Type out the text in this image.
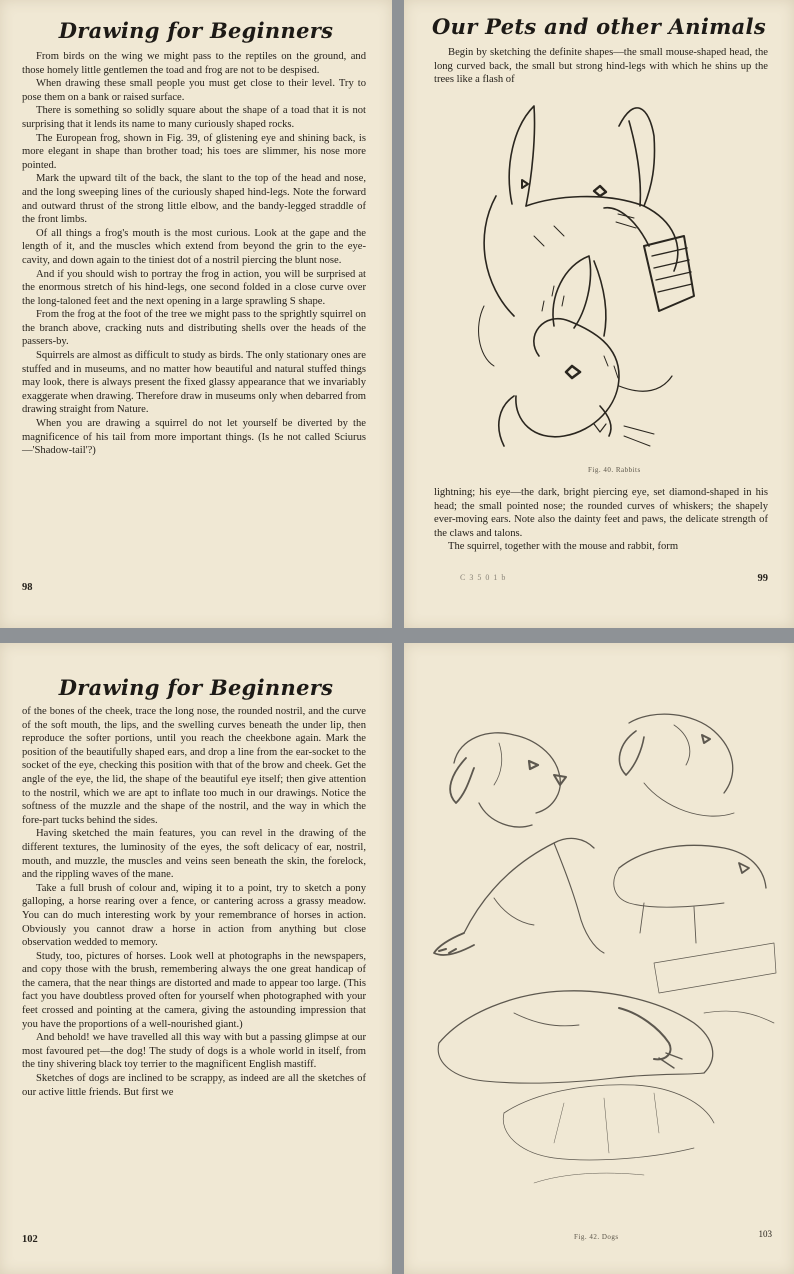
Drawing for Beginners

From birds on the wing we might pass to the reptiles on the ground, and those homely little gentlemen the toad and frog are not to be despised.

When drawing these small people you must get close to their level. Try to pose them on a bank or raised surface.

There is something so solidly square about the shape of a toad that it is not surprising that it lends its name to many curiously shaped rocks.

The European frog, shown in Fig. 39, of glistening eye and shining back, is more elegant in shape than brother toad; his toes are slimmer, his nose more pointed.

Mark the upward tilt of the back, the slant to the top of the head and nose, and the long sweeping lines of the curiously shaped hind-legs. Note the forward and outward thrust of the strong little elbow, and the bandy-legged straddle of the front limbs.

Of all things a frog's mouth is the most curious. Look at the gape and the length of it, and the muscles which extend from beyond the grin to the eye-cavity, and down again to the tiniest dot of a nostril piercing the blunt nose.

And if you should wish to portray the frog in action, you will be surprised at the enormous stretch of his hind-legs, one second folded in a close curve over the long-taloned feet and the next opening in a large sprawling S shape.

From the frog at the foot of the tree we might pass to the sprightly squirrel on the branch above, cracking nuts and distributing shells over the heads of the passers-by.

Squirrels are almost as difficult to study as birds. The only stationary ones are stuffed and in museums, and no matter how beautiful and natural stuffed things may look, there is always present the fixed glassy appearance that we invariably exaggerate when drawing. Therefore draw in museums only when debarred from drawing straight from Nature.

When you are drawing a squirrel do not let yourself be diverted by the magnificence of his tail from more important things. (Is he not called Sciurus—'Shadow-tail'?)

98
Our Pets and other Animals

Begin by sketching the definite shapes—the small mouse-shaped head, the long curved back, the small but strong hind-legs with which he shins up the trees like a flash of

Fig. 40. Rabbits

lightning; his eye—the dark, bright piercing eye, set diamond-shaped in his head; the small pointed nose; the rounded curves of whiskers; the shapely ever-moving ears. Note also the dainty feet and paws, the delicate strength of the claws and talons.

The squirrel, together with the mouse and rabbit, form

C 3 5 0 1 b	99
Drawing for Beginners

of the bones of the cheek, trace the long nose, the rounded nostril, and the curve of the soft mouth, the lips, and the swelling curves beneath the under lip, then reproduce the softer portions, until you reach the cheekbone again. Mark the position of the beautifully shaped ears, and drop a line from the ear-socket to the socket of the eye, checking this position with that of the brow and cheek. Get the angle of the eye, the lid, the shape of the beautiful eye itself; then give attention to the nostril, which we are apt to inflate too much in our drawings. Notice the softness of the muzzle and the shape of the nostril, and the way in which the fore-part tucks behind the sides.

Having sketched the main features, you can revel in the drawing of the different textures, the luminosity of the eyes, the soft delicacy of ear, nostril, mouth, and muzzle, the muscles and veins seen beneath the skin, the forelock, and the rippling waves of the mane.

Take a full brush of colour and, wiping it to a point, try to sketch a pony galloping, a horse rearing over a fence, or cantering across a grassy meadow. You can do much interesting work by your remembrance of horses in action. Obviously you cannot draw a horse in action from anything but close observation wedded to memory.

Study, too, pictures of horses. Look well at photographs in the newspapers, and copy those with the brush, remembering always the one great handicap of the camera, that the near things are distorted and made to appear too large. (This fact you have doubtless proved often for yourself when photographed with your feet crossed and pointing at the camera, giving the astounding impression that you have the proportions of a well-nourished giant.)

And behold! we have travelled all this way with but a passing glimpse at our most favoured pet—the dog! The study of dogs is a whole world in itself, from the tiny shivering black toy terrier to the magnificent English mastiff.

Sketches of dogs are inclined to be scrappy, as indeed are all the sketches of our active little friends. But first we

102	Fig. 42. Dogs	103
